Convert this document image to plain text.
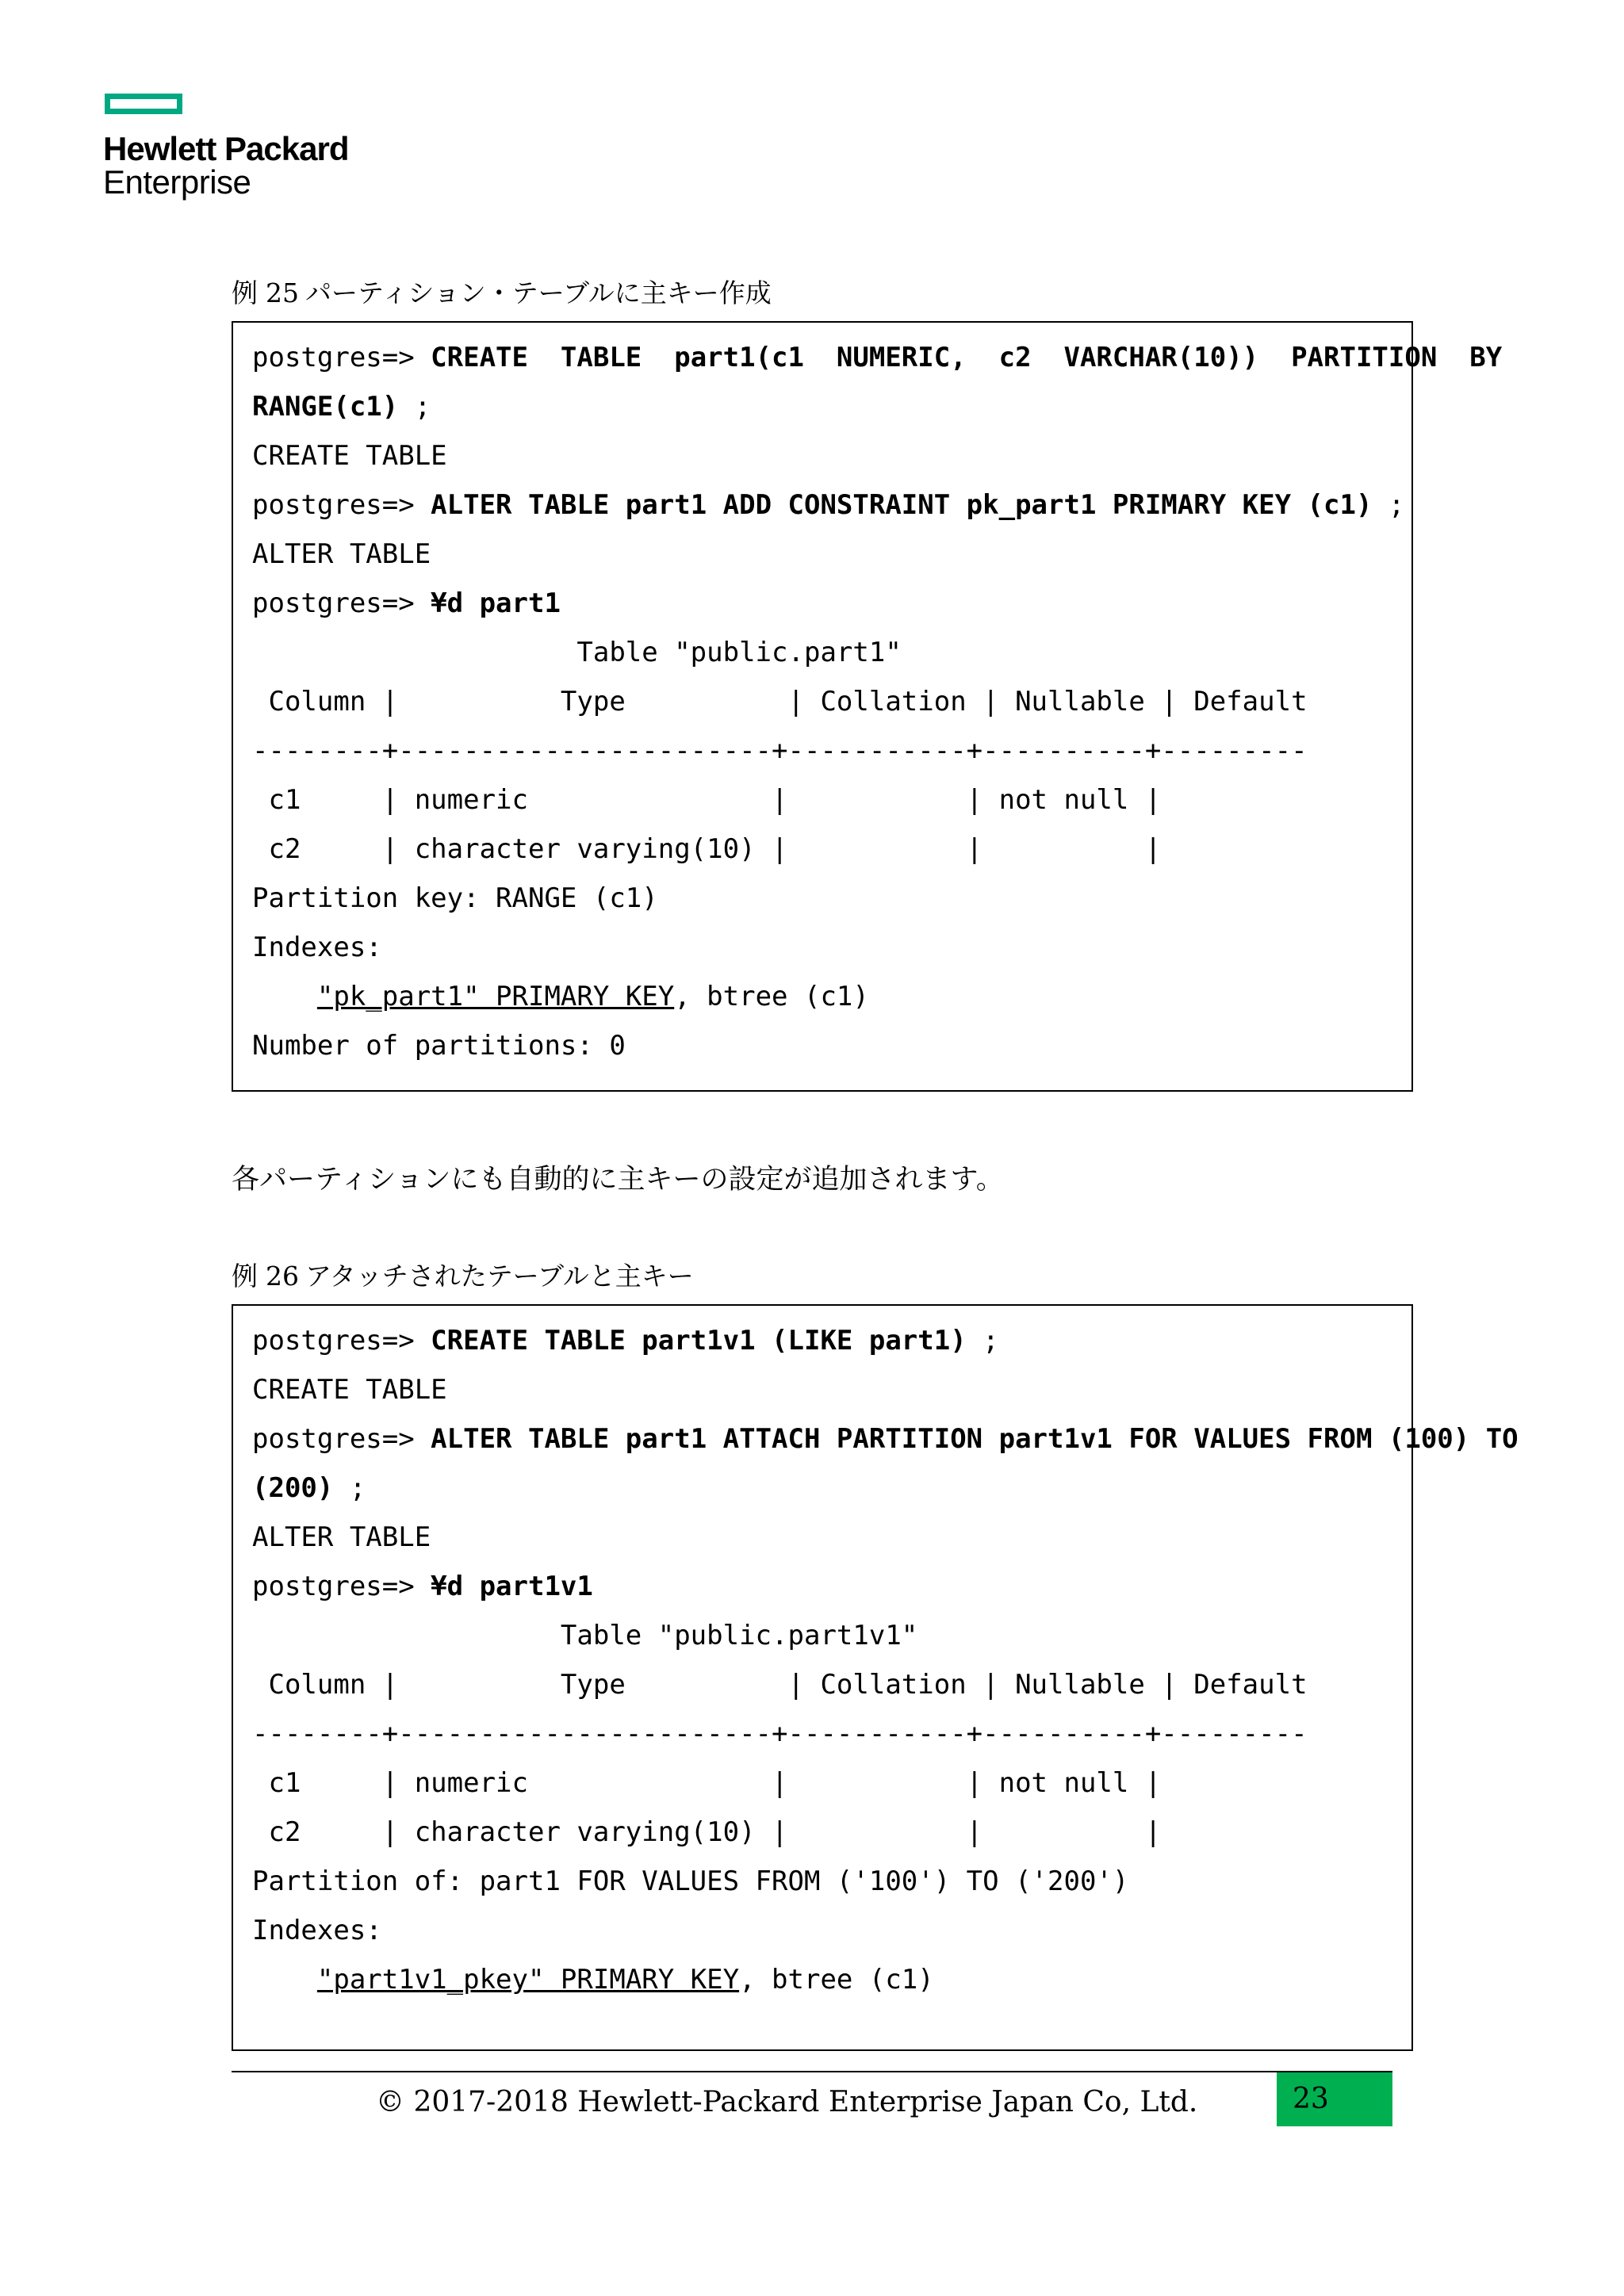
Hewlett Packard
Enterprise
例 25 パーティション・テーブルに主キー作成
postgres=> CREATE  TABLE  part1(c1  NUMERIC,  c2  VARCHAR(10))  PARTITION  BY
RANGE(c1) ;
CREATE TABLE
postgres=> ALTER TABLE part1 ADD CONSTRAINT pk_part1 PRIMARY KEY (c1) ;
ALTER TABLE
postgres=> ¥d part1
Table "public.part1"
Column |          Type          | Collation | Nullable | Default
--------+-----------------------+-----------+----------+---------
c1     | numeric               |           | not null |
c2     | character varying(10) |           |          |
Partition key: RANGE (c1)
Indexes:
"pk_part1" PRIMARY KEY, btree (c1)
Number of partitions: 0
各パーティションにも自動的に主キーの設定が追加されます。
例 26 アタッチされたテーブルと主キー
postgres=> CREATE TABLE part1v1 (LIKE part1) ;
CREATE TABLE
postgres=> ALTER TABLE part1 ATTACH PARTITION part1v1 FOR VALUES FROM (100) TO
(200) ;
ALTER TABLE
postgres=> ¥d part1v1
Table "public.part1v1"
Column |          Type          | Collation | Nullable | Default
--------+-----------------------+-----------+----------+---------
c1     | numeric               |           | not null |
c2     | character varying(10) |           |          |
Partition of: part1 FOR VALUES FROM ('100') TO ('200')
Indexes:
"part1v1_pkey" PRIMARY KEY, btree (c1)
© 2017-2018 Hewlett-Packard Enterprise Japan Co, Ltd.	23
